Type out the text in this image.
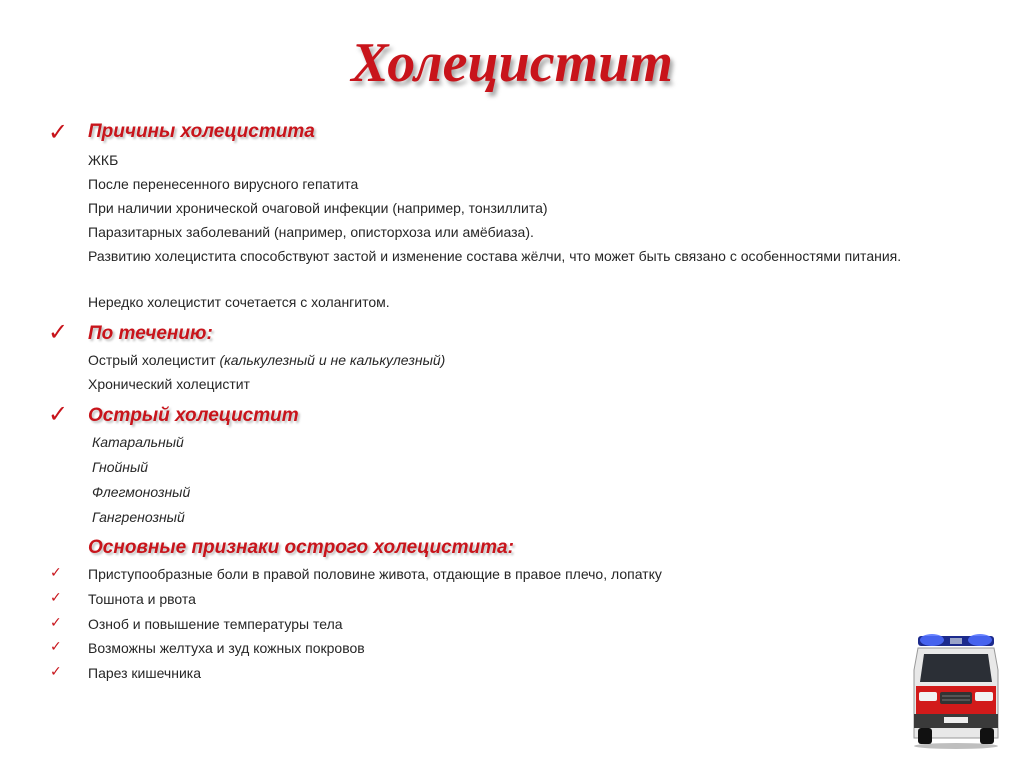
Холецистит
✓ Причины холецистита
ЖКБ
После перенесенного вирусного гепатита
При наличии хронической очаговой инфекции (например, тонзиллита)
Паразитарных заболеваний (например, описторхоза или амёбиаза).
Развитию холецистита способствуют застой и изменение состава жёлчи, что может быть связано с особенностями питания.
Нередко холецистит сочетается с холангитом.
✓ По течению:
Острый холецистит (калькулезный и не калькулезный)
Хронический холецистит
✓ Острый холецистит
Катаральный
Гнойный
Флегмонозный
Гангренозный
Основные признаки острого холецистита:
✓ Приступообразные боли в правой половине живота, отдающие в правое плечо, лопатку
✓ Тошнота и рвота
✓ Озноб и повышение температуры тела
✓ Возможны желтуха и зуд кожных покровов
✓ Парез кишечника
